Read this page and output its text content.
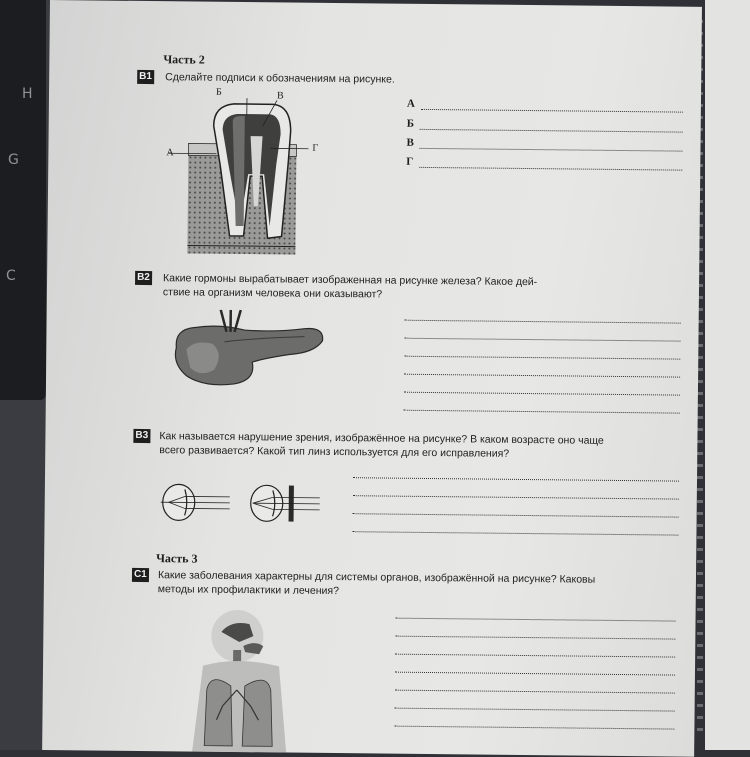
H
G
C
Часть 2
B1 Сделайте подписи к обозначениям на рисунке.
Б	В
А	Г
А
Б
В
Г
B2 Какие гормоны вырабатывает изображенная на рисунке железа? Какое дей-
ствие на организм человека они оказывают?
B3 Как называется нарушение зрения, изображённое на рисунке? В каком возрасте оно чаще
всего развивается? Какой тип линз используется для его исправления?
Часть 3
C1 Какие заболевания характерны для системы органов, изображённой на рисунке? Каковы
методы их профилактики и лечения?
